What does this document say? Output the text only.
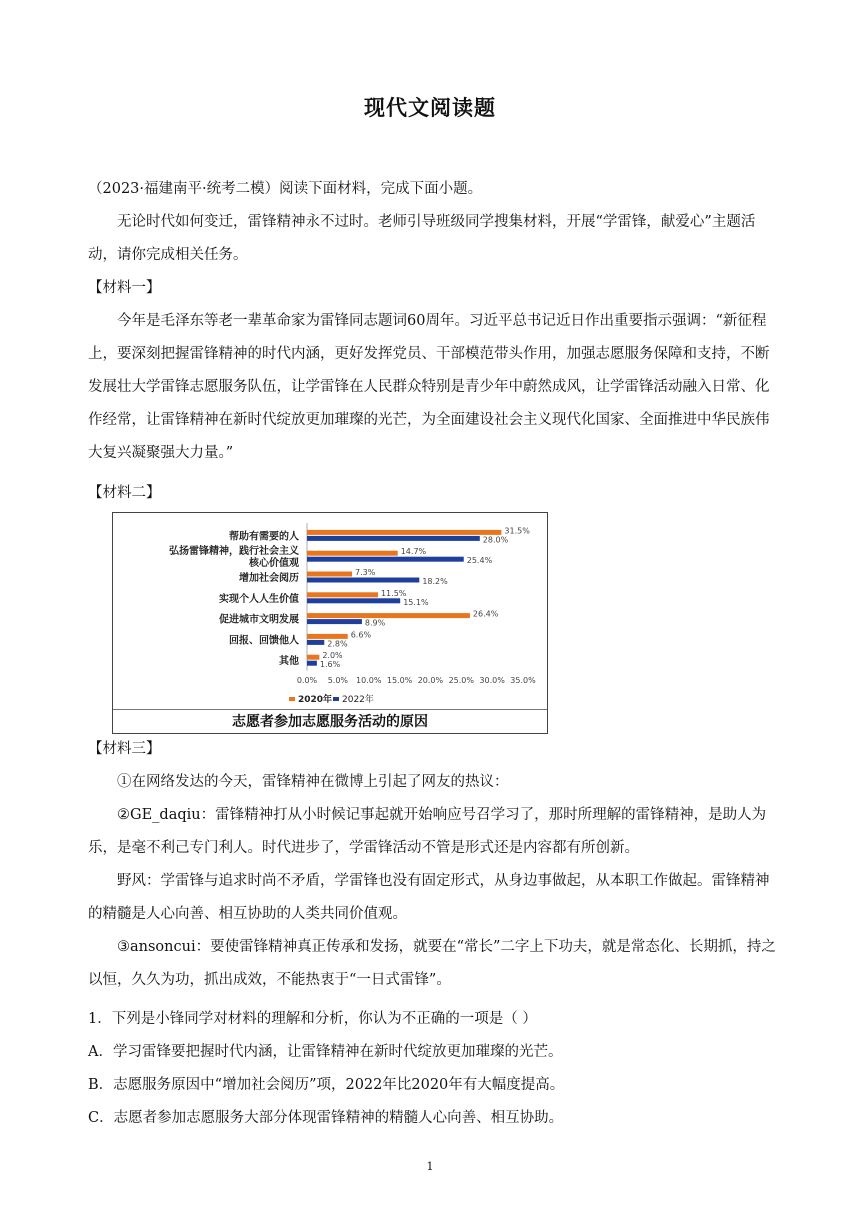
现代文阅读题

（2023·福建南平·统考二模）阅读下面材料，完成下面小题。

无论时代如何变迁，雷锋精神永不过时。老师引导班级同学搜集材料，开展“学雷锋，献爱心”主题活动，请你完成相关任务。

【材料一】

今年是毛泽东等老一辈革命家为雷锋同志题词60周年。习近平总书记近日作出重要指示强调：“新征程上，要深刻把握雷锋精神的时代内涵，更好发挥党员、干部模范带头作用，加强志愿服务保障和支持，不断发展壮大学雷锋志愿服务队伍，让学雷锋在人民群众特别是青少年中蔚然成风，让学雷锋活动融入日常、化作经常，让雷锋精神在新时代绽放更加璀璨的光芒，为全面建设社会主义现代化国家、全面推进中华民族伟大复兴凝聚强大力量。”

【材料二】

帮助有需要的人
31.5%
28.0%
弘扬雷锋精神，践行社会主义
核心价值观
14.7%
25.4%
增加社会阅历
7.3%
18.2%
实现个人人生价值
11.5%
15.1%
促进城市文明发展
26.4%
8.9%
回报、回馈他人
6.6%
2.8%
其他
2.0%
1.6%
0.0% 5.0% 10.0% 15.0% 20.0% 25.0% 30.0% 35.0%
2020年 2022年
志愿者参加志愿服务活动的原因

【材料三】

①在网络发达的今天，雷锋精神在微博上引起了网友的热议：

②GE_daqiu：雷锋精神打从小时候记事起就开始响应号召学习了，那时所理解的雷锋精神，是助人为乐，是毫不利己专门利人。时代进步了，学雷锋活动不管是形式还是内容都有所创新。

野风：学雷锋与追求时尚不矛盾，学雷锋也没有固定形式，从身边事做起，从本职工作做起。雷锋精神的精髓是人心向善、相互协助的人类共同价值观。

③ansoncui：要使雷锋精神真正传承和发扬，就要在“常长”二字上下功夫，就是常态化、长期抓，持之以恒，久久为功，抓出成效，不能热衷于“一日式雷锋”。

1．下列是小锋同学对材料的理解和分析，你认为不正确的一项是（ ）

A．学习雷锋要把握时代内涵，让雷锋精神在新时代绽放更加璀璨的光芒。

B．志愿服务原因中“增加社会阅历”项，2022年比2020年有大幅度提高。

C．志愿者参加志愿服务大部分体现雷锋精神的精髓人心向善、相互协助。

1
